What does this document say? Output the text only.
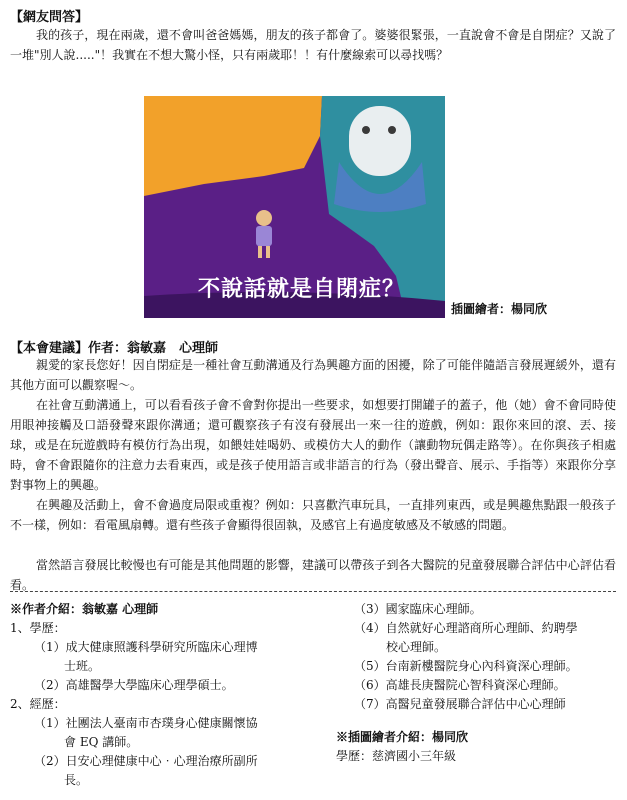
【網友問答】

我的孩子，現在兩歲，還不會叫爸爸媽媽，朋友的孩子都會了。婆婆很緊張，一直說會不會是自閉症？又說了一堆"別人說....."！我實在不想大驚小怪，只有兩歲耶！！有什麼線索可以尋找嗎？

不說話就是自閉症？
插圖繪者：楊同欣
【本會建議】作者：翁敏嘉　心理師

親愛的家長您好！因自閉症是一種社會互動溝通及行為興趣方面的困擾，除了可能伴隨語言發展遲緩外，還有其他方面可以觀察喔～。

在社會互動溝通上，可以看看孩子會不會對你提出一些要求，如想要打開罐子的蓋子，他（她）會不會同時使用眼神接觸及口語發聲來跟你溝通；還可觀察孩子有沒有發展出一來一往的遊戲，例如：跟你來回的滾、丟、接球，或是在玩遊戲時有模仿行為出現，如餵娃娃喝奶、或模仿大人的動作（讓動物玩偶走路等）。在你與孩子相處時，會不會跟隨你的注意力去看東西，或是孩子使用語言或非語言的行為（發出聲音、展示、手指等）來跟你分享對事物上的興趣。

在興趣及活動上，會不會過度局限或重複？例如：只喜歡汽車玩具，一直排列東西，或是興趣焦點跟一般孩子不一樣，例如：看電風扇轉。還有些孩子會顯得很固執，及感官上有過度敏感及不敏感的問題。

當然語言發展比較慢也有可能是其他問題的影響，建議可以帶孩子到各大醫院的兒童發展聯合評估中心評估看看。

※作者介紹：翁敏嘉 心理師
1、學歷：
（1）成大健康照護科學研究所臨床心理博
士班。
（2）高雄醫學大學臨床心理學碩士。
2、經歷：
（1）社團法人臺南市杏璞身心健康關懷協
會 EQ 講師。
（2）日安心理健康中心‧心理治療所副所
長。
（3）國家臨床心理師。
（4）自然就好心理諮商所心理師、約聘學
校心理師。
（5）台南新樓醫院身心內科資深心理師。
（6）高雄長庚醫院心智科資深心理師。
（7）高醫兒童發展聯合評估中心心理師
※插圖繪者介紹：楊同欣
學歷：慈濟國小三年級
